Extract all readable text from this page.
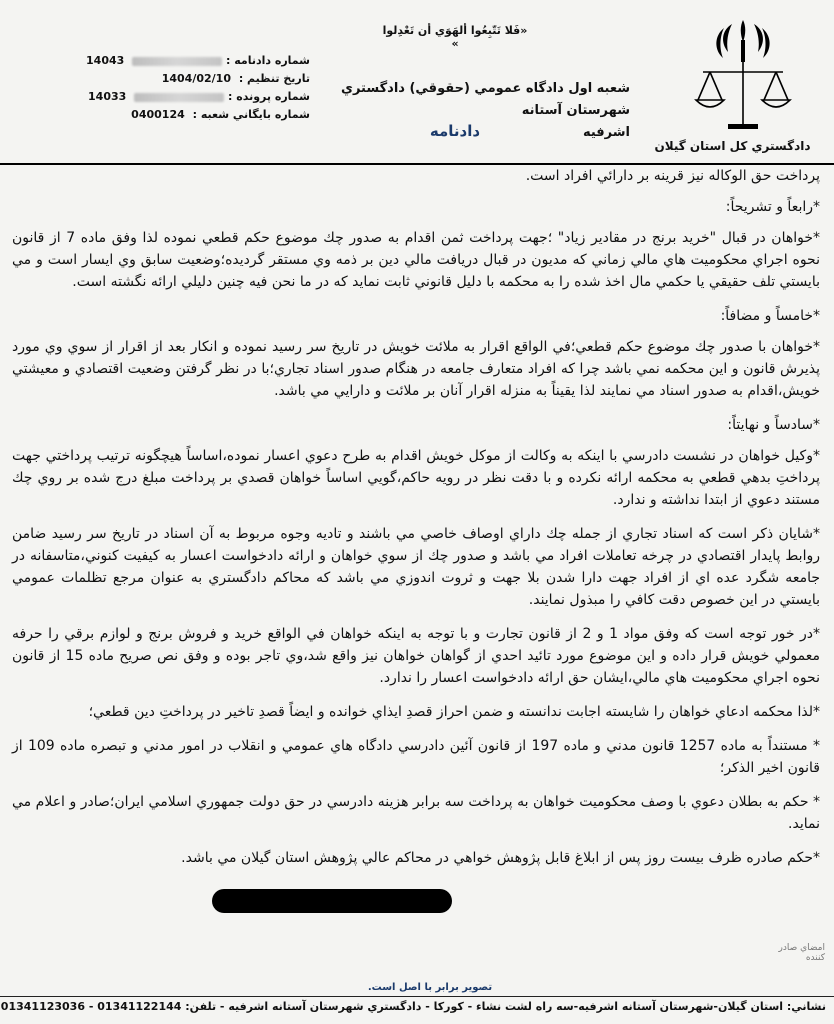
«فَلا تَتّبِعُوا ألهَوَي أن تَعْدِلوا »
شعبه اول دادگاه عمومي (حقوقي) دادگستري شهرستان آستانه
اشرفيه
دادنامه
دادگستري كل استان گيلان
شماره دادنامه :  14043
تاريخ تنظيم : 1404/02/10
شماره پرونده :  14033
شماره بايگاني شعبه : 0400124

پرداخت حق الوكاله نيز قرينه بر دارائي افراد است.

*رابعاً و تشريحاً:

*خواهان در قبال "خريد برنج در مقادير زياد" ؛جهت پرداخت ثمن اقدام به صدور چك موضوع حكم قطعي نموده لذا وفق ماده 7 از قانون نحوه اجراي محكوميت هاي مالي زماني كه مديون در قبال دريافت مالي دين بر ذمه وي مستقر گرديده؛وضعيت سابق وي ايسار است و مي بايستي تلف حقيقي يا حكمي مال اخذ شده را به محكمه با دليل قانوني ثابت نمايد كه در ما نحن فيه چنين دليلي ارائه نگشته است.

*خامساً و مضافاً:

*خواهان با صدور چك موضوع حكم قطعي؛في الواقع اقرار به ملائت خويش در تاريخ سر رسيد نموده و انكار بعد از اقرار از سوي وي مورد پذيرش قانون و اين محكمه نمي باشد چرا كه افراد متعارف جامعه در هنگام صدور اسناد تجاري؛با در نظر گرفتن وضعيت اقتصادي و معيشتي خويش،اقدام به صدور اسناد مي نمايند لذا يقيناً به منزله اقرار آنان بر ملائت و دارايي مي باشد.

*سادساً و نهايتاً:

*وكيل خواهان در نشست دادرسي با اينكه به وكالت از موكل خويش اقدام به طرح دعوي اعسار نموده،اساساً هيچگونه ترتيب پرداختي جهت پرداختِ بدهي قطعي به محكمه ارائه نكرده و با دقت نظر در رويه حاكم،گويي اساساً خواهان قصدي بر پرداخت مبلغ درج شده بر روي چك مستند دعوي از ابتدا نداشته و ندارد.

*شايان ذكر است كه اسناد تجاري از جمله چك داراي اوصاف خاصي مي باشند و تاديه وجوه مربوط به آن اسناد در تاريخ سر رسيد ضامن روابط پايدار اقتصادي در چرخه تعاملات افراد مي باشد و صدور چك از سوي خواهان و ارائه دادخواست اعسار به كيفيت كنوني،متاسفانه در جامعه شگرد عده اي از افراد جهت دارا شدن بلا جهت و ثروت اندوزي مي باشد كه محاكم دادگستري به عنوان مرجع تظلمات عمومي بايستي در اين خصوص دقت كافي را مبذول نمايند.

*در خور توجه است كه وفق مواد 1 و 2 از قانون تجارت و با توجه به اينكه خواهان في الواقع خريد و فروش برنج و لوازم برقي را حرفه معمولي خويش قرار داده و اين موضوع مورد تائيد احدي از گواهان خواهان نيز واقع شد،وي تاجر بوده و وفق نص صريح ماده 15 از قانون نحوه اجراي محكوميت هاي مالي،ايشان حق ارائه دادخواست اعسار را ندارد.

*لذا محكمه ادعاي خواهان را شايسته اجابت ندانسته و ضمن احراز قصدِ ايذاي خوانده و ايضاً قصدِ تاخير در پرداختِ دين قطعي؛

* مستنداً به ماده 1257 قانون مدني و ماده 197 از قانون آئين دادرسي دادگاه هاي عمومي و انقلاب در امور مدني و تبصره ماده 109 از قانون اخير الذكر؛

* حكم به بطلان دعوي با وصف محكوميت خواهان به پرداخت سه برابر هزينه دادرسي در حق دولت جمهوري اسلامي ايران؛صادر و اعلام مي نمايد.

*حكم صادره ظرف بيست روز پس از ابلاغ قابل پژوهش خواهي در محاكم عالي پژوهش استان گيلان مي باشد.

امضاي صادر كننده
تصوير برابر با اصل است.
نشاني: استان گيلان-شهرستان آستانه اشرفيه-سه راه لشت نشاء - كوركا - دادگستري شهرستان آستانه اشرفيه - تلفن: 01341122144 - 01341123036
